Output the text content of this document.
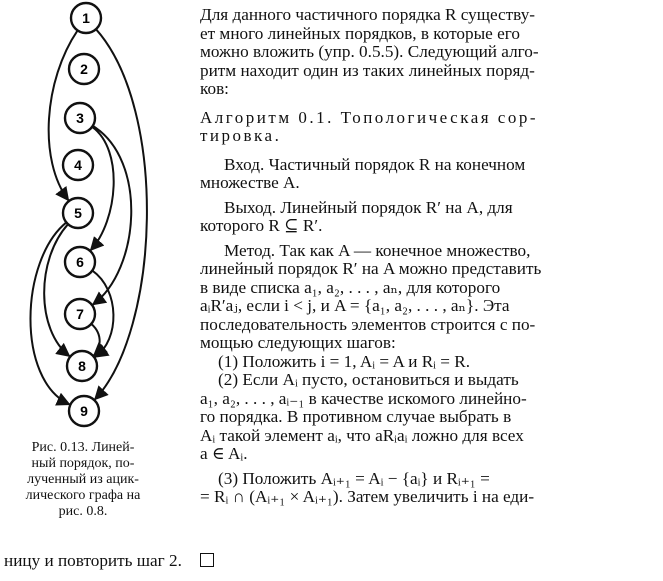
1
2
3
4
5
6
7
8
9
Рис. 0.13. Линей-
ный порядок, по-
лученный из ацик-
лического графа на
рис. 0.8.

Для данного частичного порядка R существу-

ет много линейных порядков, в которые его

можно вложить (упр. 0.5.5). Следующий алго-

ритм находит один из таких линейных поряд-

ков:

Алгоритм 0.1. Топологическая сор-

тировка.

Вход. Частичный порядок R на конечном

множестве A.

Выход. Линейный порядок R′ на A, для

которого R ⊆ R′.

Метод. Так как A — конечное множество,

линейный порядок R′ на A можно представить

в виде списка a₁, a₂, . . . , aₙ, для которого

aᵢR′aⱼ, если i < j, и A = {a₁, a₂, . . . , aₙ}. Эта

последовательность элементов строится с по-

мощью следующих шагов:

(1) Положить i = 1, Aᵢ = A и Rᵢ = R.

(2) Если Aᵢ пусто, остановиться и выдать

a₁, a₂, . . . , aᵢ₋₁ в качестве искомого линейно-

го порядка. В противном случае выбрать в

Aᵢ такой элемент aᵢ, что aRᵢaᵢ ложно для всех

a ∈ Aᵢ.

(3) Положить Aᵢ₊₁ = Aᵢ − {aᵢ} и Rᵢ₊₁ =

= Rᵢ ∩ (Aᵢ₊₁ × Aᵢ₊₁). Затем увеличить i на еди-

ницу и повторить шаг 2.
